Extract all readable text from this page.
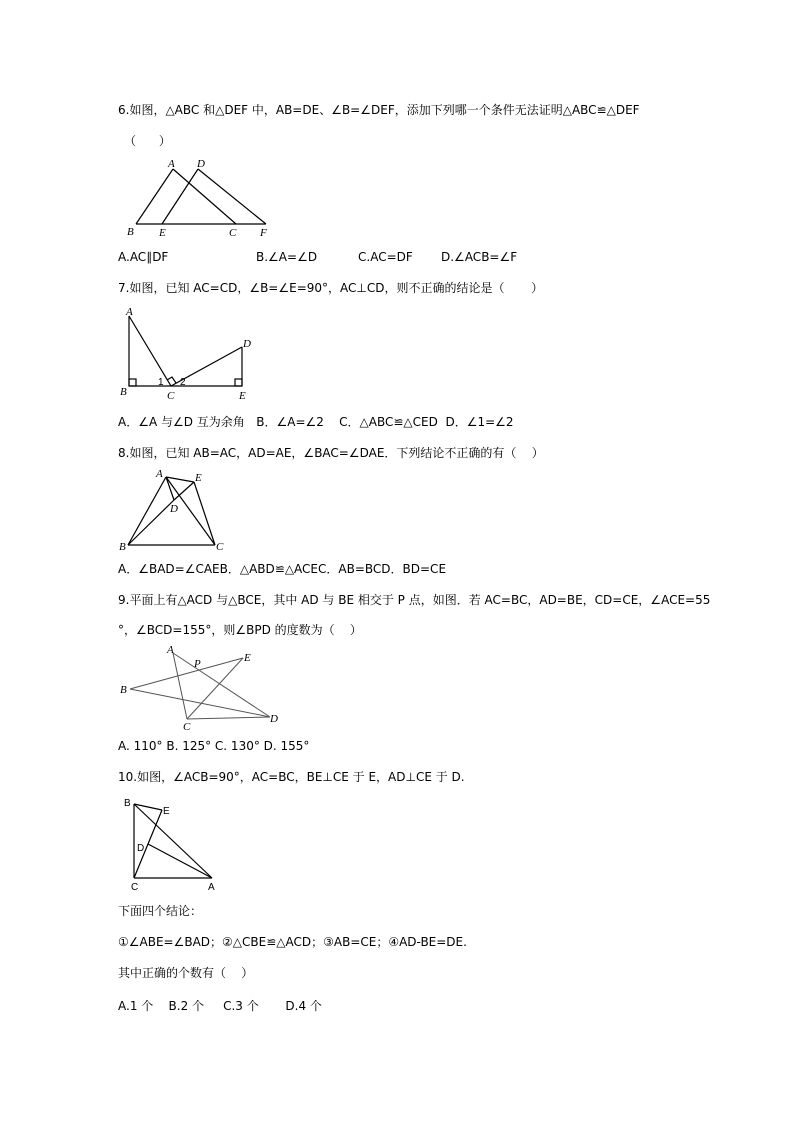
6.如图，△ABC 和△DEF 中，AB=DE、∠B=∠DEF，添加下列哪一个条件无法证明△ABC≌△DEF
（      ）
A D
B E	C F
A.AC∥DF	B.∠A=∠D	C.AC=DF D.∠ACB=∠F
7.如图，已知 AC=CD，∠B=∠E=90°，AC⊥CD，则不正确的结论是（       ）
A
B	C
D
E
1 2
A．∠A 与∠D 互为余角   B．∠A=∠2    C．△ABC≌△CED  D．∠1=∠2
8.如图，已知 AB=AC，AD=AE，∠BAC=∠DAE．下列结论不正确的有（    ）
A	E
D
B	C
A．∠BAD=∠CAEB．△ABD≌△ACEC．AB=BCD．BD=CE
9.平面上有△ACD 与△BCE，其中 AD 与 BE 相交于 P 点，如图．若 AC=BC，AD=BE，CD=CE，∠ACE=55
°，∠BCD=155°，则∠BPD 的度数为（    ）
A
P	E
B
C
D
A. 110° B. 125° C. 130° D. 155°
10.如图，∠ACB=90°，AC=BC，BE⊥CE 于 E，AD⊥CE 于 D.
B
E
D
C	A
下面四个结论：
①∠ABE=∠BAD；②△CBE≌△ACD；③AB=CE；④AD-BE=DE.
其中正确的个数有（    ）
A.1 个    B.2 个     C.3 个       D.4 个
